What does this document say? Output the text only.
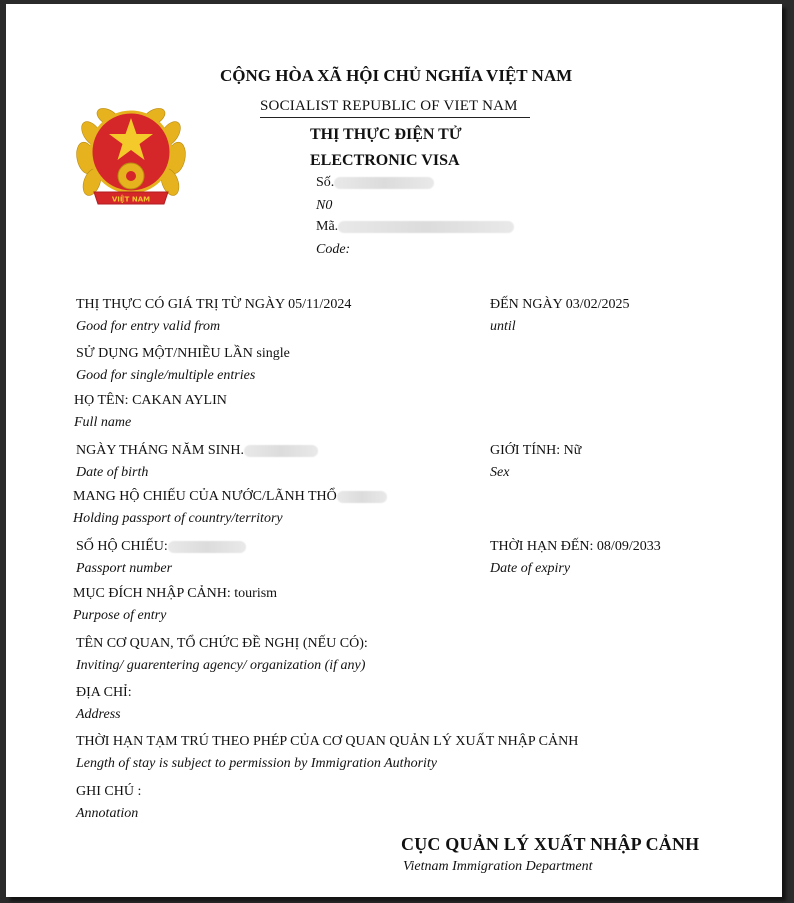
CỘNG HÒA XÃ HỘI CHỦ NGHĨA VIỆT NAM
SOCIALIST REPUBLIC OF VIET NAM
VIỆT NAM
THỊ THỰC ĐIỆN TỬ
ELECTRONIC VISA
Số.
N0
Mã.
Code:
THỊ THỰC CÓ GIÁ TRỊ TỪ NGÀY 05/11/2024
Good for entry valid from
ĐẾN NGÀY 03/02/2025
until
SỬ DỤNG MỘT/NHIỀU LẦN single
Good for single/multiple entries
HỌ TÊN: CAKAN AYLIN
Full name
NGÀY THÁNG NĂM SINH.
Date of birth
GIỚI TÍNH: Nữ
Sex
MANG HỘ CHIẾU CỦA NƯỚC/LÃNH THỔ
Holding passport of country/territory
SỐ HỘ CHIẾU:
Passport number
THỜI HẠN ĐẾN: 08/09/2033
Date of expiry
MỤC ĐÍCH NHẬP CẢNH: tourism
Purpose of entry
TÊN CƠ QUAN, TỔ CHỨC ĐỀ NGHỊ (NẾU CÓ):
Inviting/ guarentering agency/ organization (if any)
ĐỊA CHỈ:
Address
THỜI HẠN TẠM TRÚ THEO PHÉP CỦA CƠ QUAN QUẢN LÝ XUẤT NHẬP CẢNH
Length of stay is subject to permission by Immigration Authority
GHI CHÚ :
Annotation
CỤC QUẢN LÝ XUẤT NHẬP CẢNH
Vietnam Immigration Department
